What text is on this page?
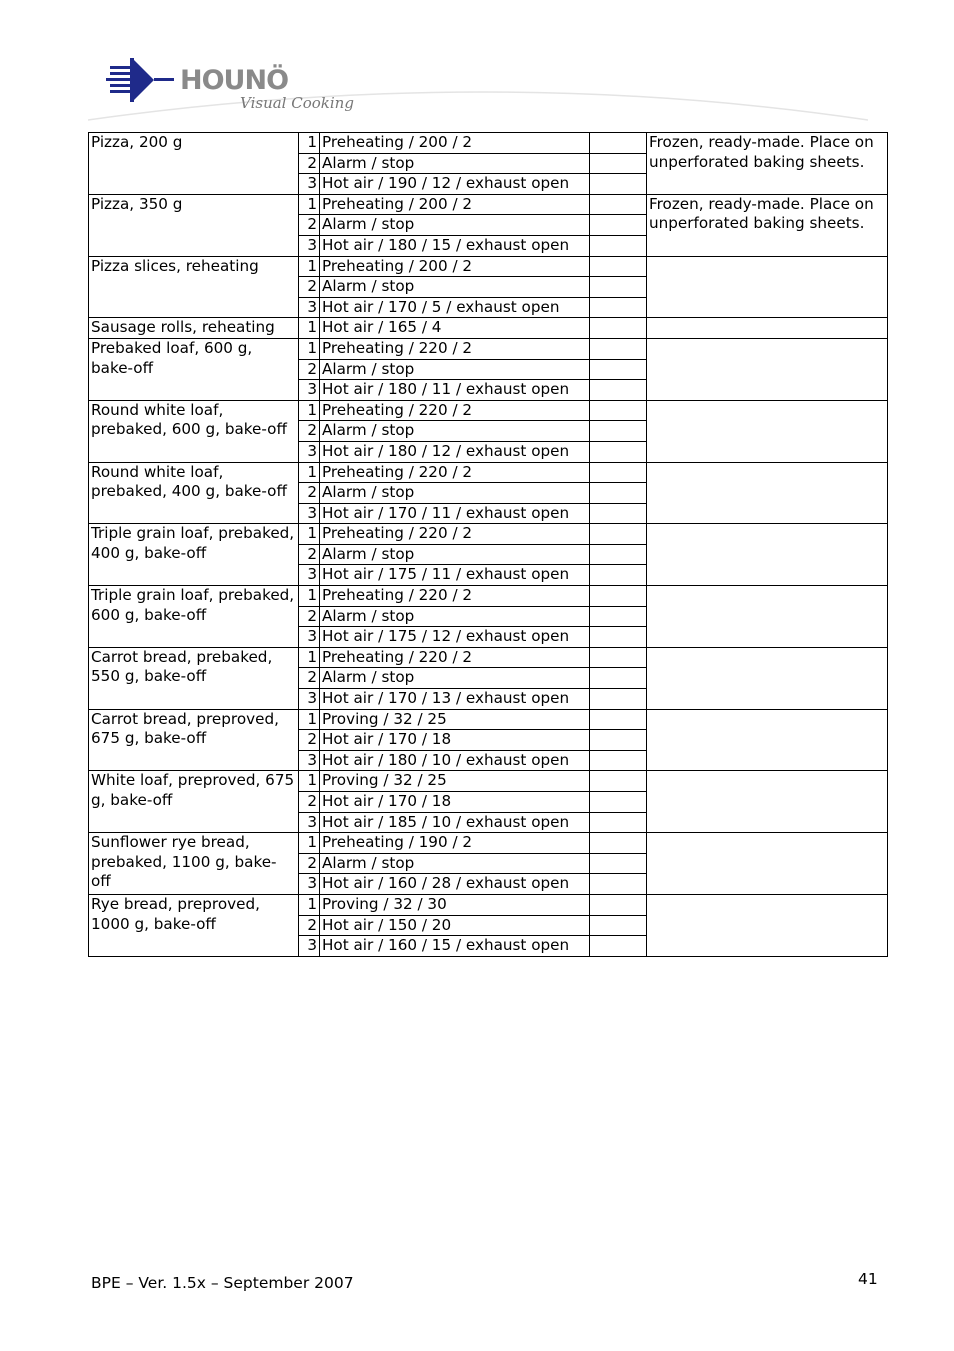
HOUNÖ
Visual Cooking
Pizza, 200 g	1	Preheating / 200 / 2		Frozen, ready-made. Place on unperforated baking sheets.
	2	Alarm / stop		
	3	Hot air / 190 / 12 / exhaust open		
Pizza, 350 g	1	Preheating / 200 / 2		Frozen, ready-made. Place on unperforated baking sheets.
	2	Alarm / stop		
	3	Hot air / 180 / 15 / exhaust open		
Pizza slices, reheating	1	Preheating / 200 / 2		
	2	Alarm / stop		
	3	Hot air / 170 / 5 / exhaust open		
Sausage rolls, reheating	1	Hot air / 165 / 4		
Prebaked loaf, 600 g, bake-off	1	Preheating / 220 / 2		
	2	Alarm / stop		
	3	Hot air / 180 / 11 / exhaust open		
Round white loaf, prebaked, 600 g, bake-off	1	Preheating / 220 / 2		
	2	Alarm / stop		
	3	Hot air / 180 / 12 / exhaust open		
Round white loaf, prebaked, 400 g, bake-off	1	Preheating / 220 / 2		
	2	Alarm / stop		
	3	Hot air / 170 / 11 / exhaust open		
Triple grain loaf, prebaked, 400 g, bake-off	1	Preheating / 220 / 2		
	2	Alarm / stop		
	3	Hot air / 175 / 11 / exhaust open		
Triple grain loaf, prebaked, 600 g, bake-off	1	Preheating / 220 / 2		
	2	Alarm / stop		
	3	Hot air / 175 / 12 / exhaust open		
Carrot bread, prebaked, 550 g, bake-off	1	Preheating / 220 / 2		
	2	Alarm / stop		
	3	Hot air / 170 / 13 / exhaust open		
Carrot bread, preproved, 675 g, bake-off	1	Proving / 32 / 25		
	2	Hot air / 170 / 18		
	3	Hot air / 180 / 10 / exhaust open		
White loaf, preproved, 675 g, bake-off	1	Proving / 32 / 25		
	2	Hot air / 170 / 18		
	3	Hot air / 185 / 10 / exhaust open		
Sunflower rye bread, prebaked, 1100 g, bake-off	1	Preheating / 190 / 2		
	2	Alarm / stop		
	3	Hot air / 160 / 28 / exhaust open		
Rye bread, preproved, 1000 g, bake-off	1	Proving / 32 / 30		
	2	Hot air / 150 / 20		
	3	Hot air / 160 / 15 / exhaust open		
BPE – Ver. 1.5x – September 2007	41
